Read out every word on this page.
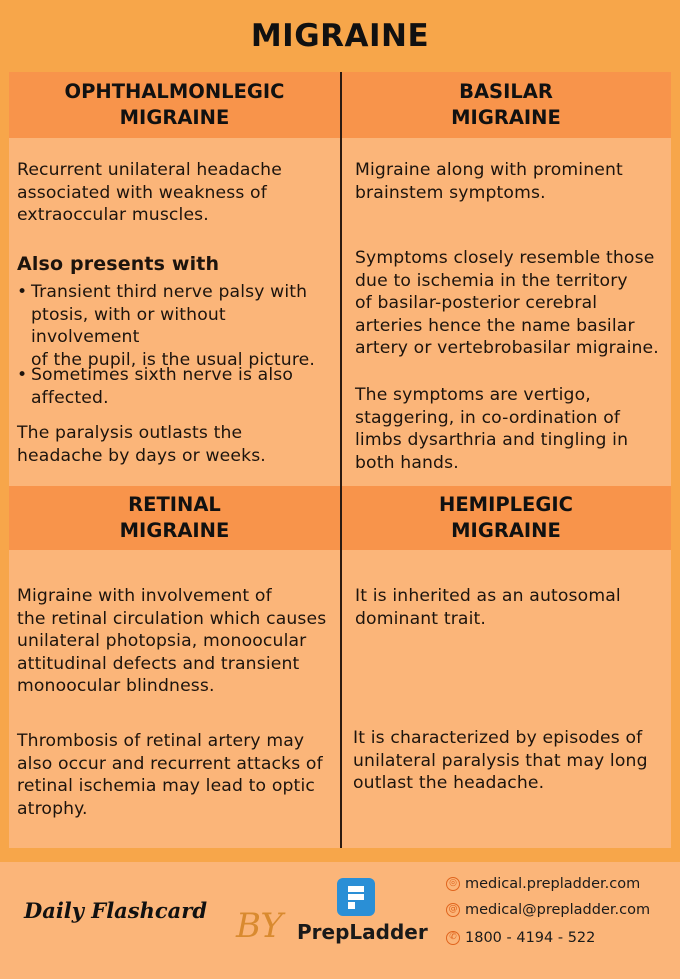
MIGRAINE
OPHTHALMONLEGIC
MIGRAINE
BASILAR
MIGRAINE
RETINAL
MIGRAINE
HEMIPLEGIC
MIGRAINE
Recurrent unilateral headache
associated with weakness of
extraoccular muscles.
Also presents with
• Transient third nerve palsy with
ptosis, with or without involvement
of the pupil, is the usual picture.
• Sometimes sixth nerve is also
affected.
The paralysis outlasts the
headache by days or weeks.
Migraine along with prominent
brainstem symptoms.
Symptoms closely resemble those
due to ischemia in the territory
of basilar-posterior cerebral
arteries hence the name basilar
artery or vertebrobasilar migraine.
The symptoms are vertigo,
staggering, in co-ordination of
limbs dysarthria and tingling in
both hands.
Migraine with involvement of
the retinal circulation which causes
unilateral photopsia, monoocular
attitudinal defects and transient
monoocular blindness.
Thrombosis of retinal artery may
also occur and recurrent attacks of
retinal ischemia may lead to optic
atrophy.
It is inherited as an autosomal
dominant trait.
It is characterized by episodes of
unilateral paralysis that may long
outlast the headache.
Daily Flashcard BY PrepLadder
◎ medical.prepladder.com
@ medical@prepladder.com
✆ 1800 - 4194 - 522
